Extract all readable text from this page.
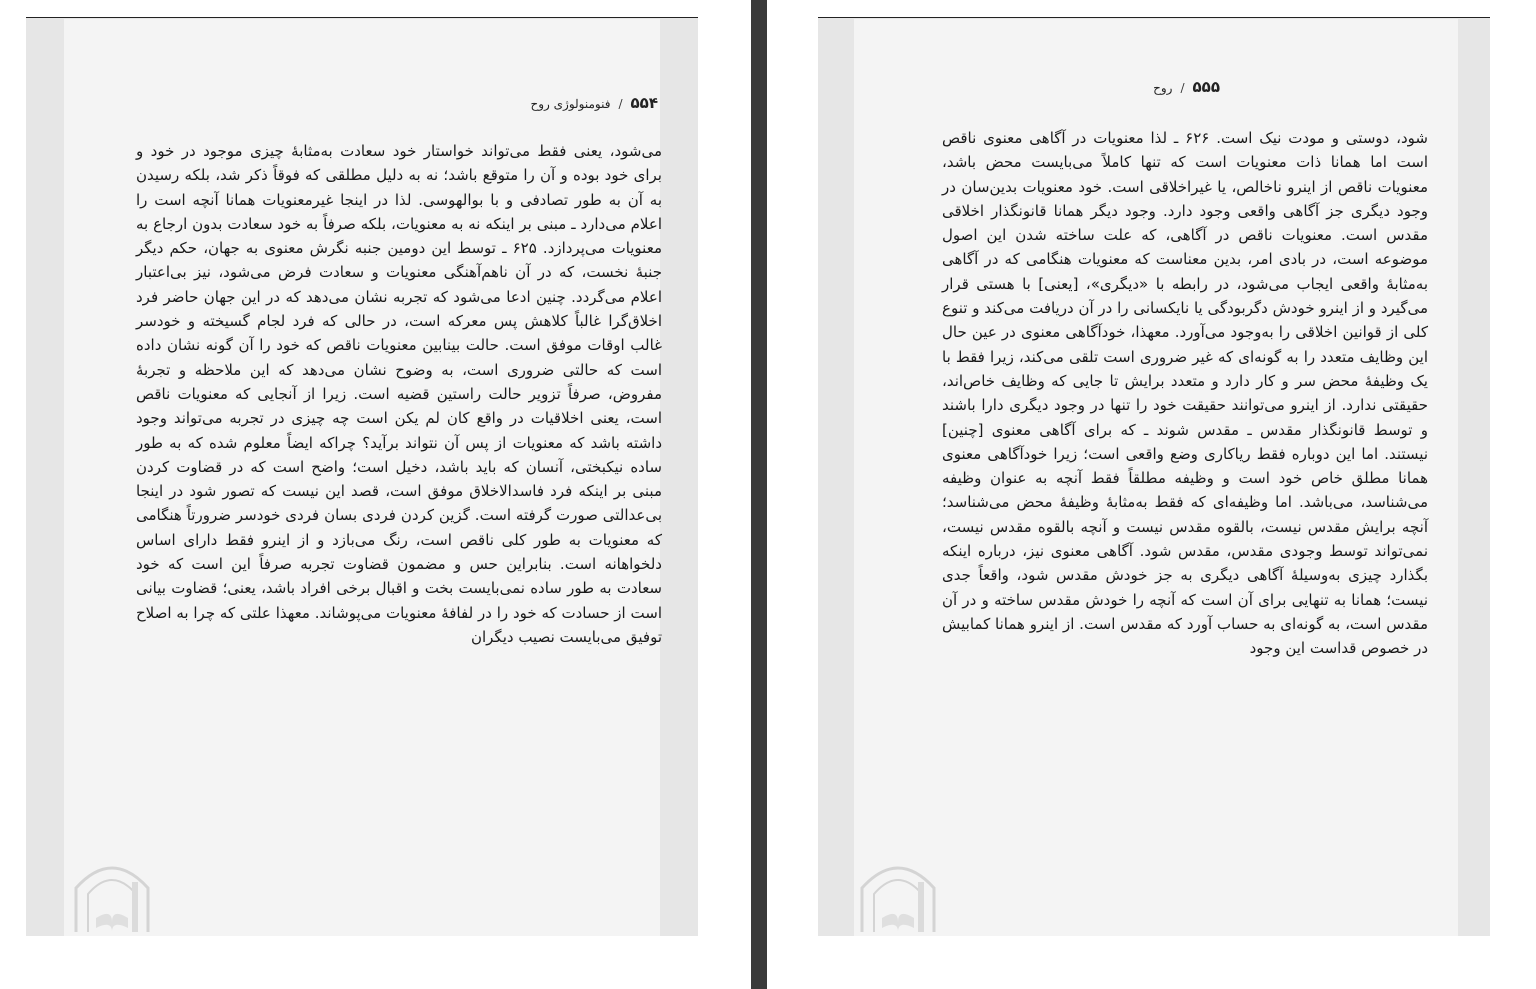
۵۵۴
/
فنومنولوژی روح

می‌شود، یعنی فقط می‌تواند خواستار خود سعادت به‌مثابهٔ چیزی موجود در خود و برای خود بوده و آن را متوقع باشد؛ نه به دلیل مطلقی که فوقاً ذکر شد، بلکه رسیدن به آن به طور تصادفی و با بوالهوسی. لذا در اینجا غیرمعنویات همانا آنچه است را اعلام می‌دارد ـ مبنی بر اینکه نه به معنویات، بلکه صرفاً به خود سعادت بدون ارجاع به معنویات می‌پردازد. ۶۲۵ ـ توسط این دومین جنبه نگرش معنوی به جهان، حکم دیگر جنبهٔ نخست، که در آن ناهم‌آهنگی معنویات و سعادت فرض می‌شود، نیز بی‌اعتبار اعلام می‌گردد. چنین ادعا می‌شود که تجربه نشان می‌دهد که در این جهان حاضر فرد اخلاق‌گرا غالباً کلاهش پس معرکه است، در حالی که فرد لجام گسیخته و خودسر غالب اوقات موفق است. حالت بینابین معنویات ناقص که خود را آن گونه نشان داده است که حالتی ضروری است، به وضوح نشان می‌دهد که این ملاحظه و تجربهٔ مفروض، صرفاً تزویر حالت راستین قضیه است. زیرا از آنجایی که معنویات ناقص است، یعنی اخلاقیات در واقع کان لم یکن است چه چیزی در تجربه می‌تواند وجود داشته باشد که معنویات از پس آن نتواند برآید؟ چراکه ایضاً معلوم شده که به طور ساده نیکبختی، آنسان که باید باشد، دخیل است؛ واضح است که در قضاوت کردن مبنی بر اینکه فرد فاسدالاخلاق موفق است، قصد این نیست که تصور شود در اینجا بی‌عدالتی صورت گرفته است. گزین کردن فردی بسان فردی خودسر ضرورتاً هنگامی که معنویات به طور کلی ناقص است، رنگ می‌بازد و از اینرو فقط دارای اساس دلخواهانه است. بنابراین حس و مضمون قضاوت تجربه صرفاً این است که خود سعادت به طور ساده نمی‌بایست بخت و اقبال برخی افراد باشد، یعنی؛ قضاوت بیانی است از حسادت که خود را در لفافهٔ معنویات می‌پوشاند. معهذا علتی که چرا به اصلاح توفیق می‌بایست نصیب دیگران

۵۵۵
/
روح

شود، دوستی و مودت نیک است. ۶۲۶ ـ لذا معنویات در آگاهی معنوی ناقص است اما همانا ذات معنویات است که تنها کاملاً می‌بایست محض باشد، معنویات ناقص از اینرو ناخالص، یا غیراخلاقی است. خود معنویات بدین‌سان در وجود دیگری جز آگاهی واقعی وجود دارد. وجود دیگر همانا قانونگذار اخلاقی مقدس است. معنویات ناقص در آگاهی، که علت ساخته شدن این اصول موضوعه است، در بادی امر، بدین معناست که معنویات هنگامی که در آگاهی به‌مثابهٔ واقعی ایجاب می‌شود، در رابطه با «دیگری»، [یعنی] با هستی قرار می‌گیرد و از اینرو خودش دگربودگی یا نایکسانی را در آن دریافت می‌کند و تنوع کلی از قوانین اخلاقی را به‌وجود می‌آورد. معهذا، خودآگاهی معنوی در عین حال این وظایف متعدد را به گونه‌ای که غیر ضروری است تلقی می‌کند، زیرا فقط با یک وظیفهٔ محض سر و کار دارد و متعدد برایش تا جایی که وظایف خاص‌اند، حقیقتی ندارد. از اینرو می‌توانند حقیقت خود را تنها در وجود دیگری دارا باشند و توسط قانونگذار مقدس ـ مقدس شوند ـ که برای آگاهی معنوی [چنین] نیستند. اما این دوباره فقط ریاکاری وضع واقعی است؛ زیرا خودآگاهی معنوی همانا مطلق خاص خود است و وظیفه مطلقاً فقط آنچه به عنوان وظیفه می‌شناسد، می‌باشد. اما وظیفه‌ای که فقط به‌مثابهٔ وظیفهٔ محض می‌شناسد؛ آنچه برایش مقدس نیست، بالقوه مقدس نیست و آنچه بالقوه مقدس نیست، نمی‌تواند توسط وجودی مقدس، مقدس شود. آگاهی معنوی نیز، درباره اینکه بگذارد چیزی به‌وسیلهٔ آگاهی دیگری به جز خودش مقدس شود، واقعاً جدی نیست؛ همانا به تنهایی برای آن است که آنچه را خودش مقدس ساخته و در آن مقدس است، به گونه‌ای به حساب آورد که مقدس است. از اینرو همانا کمابیش در خصوص قداست این وجود
